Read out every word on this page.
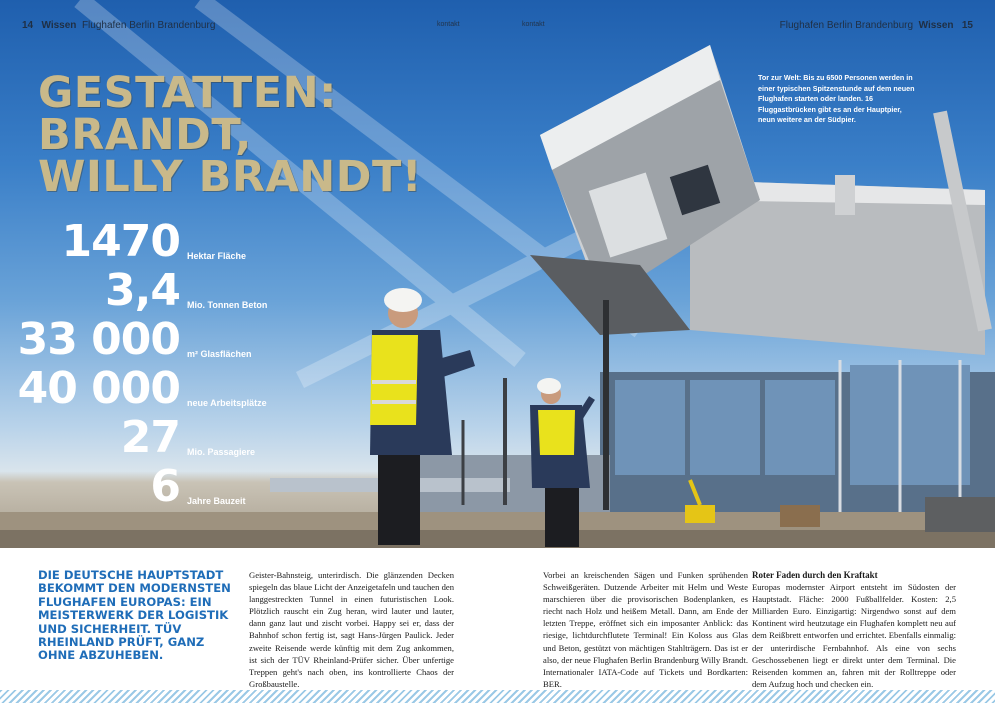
14 Wissen Flughafen Berlin Brandenburg	Flughafen Berlin Brandenburg Wissen 15
kontakt	kontakt
GESTATTEN:
BRANDT,
WILLY BRANDT!
1470 Hektar Fläche
3,4 Mio. Tonnen Beton
33 000 m² Glasflächen
40 000 neue Arbeitsplätze
27 Mio. Passagiere
6 Jahre Bauzeit
Tor zur Welt: Bis zu 6500 Personen werden in einer typischen Spitzenstunde auf dem neuen Flughafen starten oder landen. 16 Fluggastbrücken gibt es an der Hauptpier, neun weitere an der Südpier.
DIE DEUTSCHE HAUPTSTADT BEKOMMT DEN MODERNSTEN FLUGHAFEN EUROPAS: EIN MEISTERWERK DER LOGISTIK UND SICHERHEIT. TÜV RHEINLAND PRÜFT, GANZ OHNE ABZUHEBEN.
Geister-Bahnsteig, unterirdisch. Die glänzenden Decken spiegeln das blaue Licht der Anzeigetafeln und tauchen den langgestreckten Tunnel in einen futuristischen Look. Plötzlich rauscht ein Zug heran, wird lauter und lauter, dann ganz laut und zischt vorbei. Happy sei er, dass der Bahnhof schon fertig ist, sagt Hans-Jürgen Paulick. Jeder zweite Reisende werde künftig mit dem Zug ankommen, ist sich der TÜV Rheinland-Prüfer sicher. Über unfertige Treppen geht's nach oben, ins kontrollierte Chaos der Großbaustelle.
Vorbei an kreischenden Sägen und Funken sprühenden Schweißgeräten. Dutzende Arbeiter mit Helm und Weste marschieren über die provisorischen Bodenplanken, es riecht nach Holz und heißem Metall. Dann, am Ende der letzten Treppe, eröffnet sich ein imposanter Anblick: das riesige, lichtdurchflutete Terminal! Ein Koloss aus Glas und Beton, gestützt von mächtigen Stahlträgern. Das ist er also, der neue Flughafen Berlin Brandenburg Willy Brandt. Internationaler IATA-Code auf Tickets und Bordkarten: BER.
Roter Faden durch den Kraftakt
Europas modernster Airport entsteht im Südosten der Hauptstadt. Fläche: 2000 Fußballfelder. Kosten: 2,5 Milliarden Euro. Einzigartig: Nirgendwo sonst auf dem Kontinent wird heutzutage ein Flughafen komplett neu auf dem Reißbrett entworfen und errichtet. Ebenfalls einmalig: der unterirdische Fernbahnhof. Als eine von sechs Geschossebenen liegt er direkt unter dem Terminal. Die Reisenden kommen an, fahren mit der Rolltreppe oder dem Aufzug hoch und checken ein.
